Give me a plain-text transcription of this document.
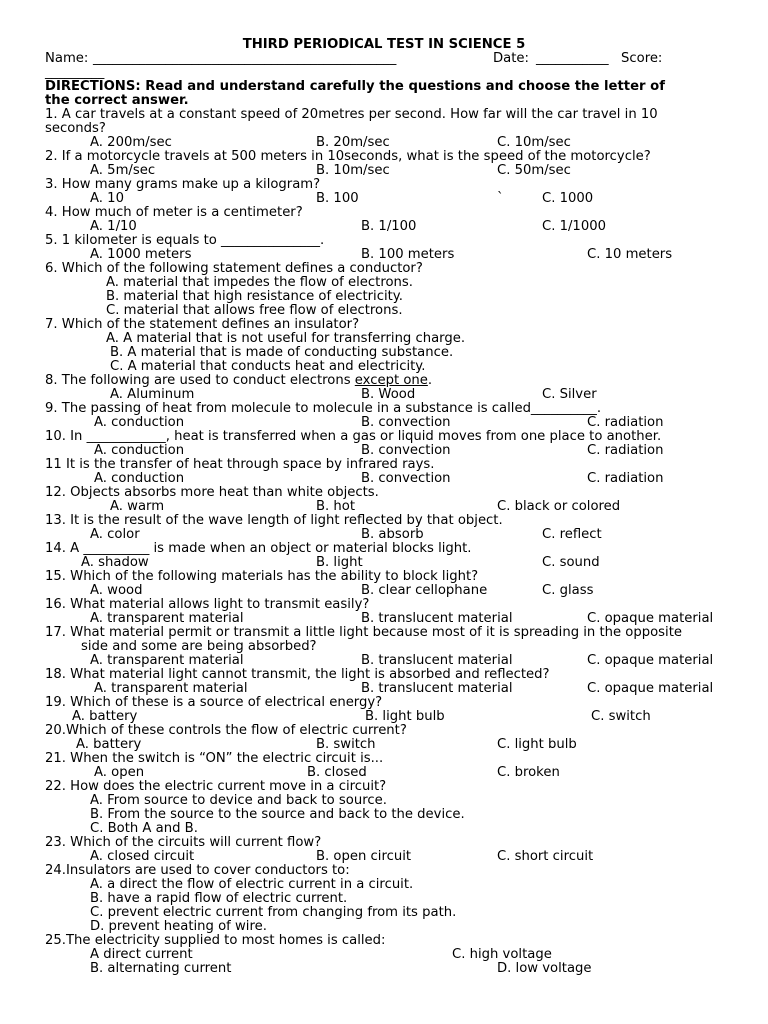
THIRD PERIODICAL TEST IN SCIENCE 5
Name: ______________________________________________	Date: ___________ Score:
_________
DIRECTIONS: Read and understand carefully the questions and choose the letter of
the correct answer.
1. A car travels at a constant speed of 20metres per second. How far will the car travel in 10
seconds?
A. 200m/sec	B. 20m/sec	C. 10m/sec
2. If a motorcycle travels at 500 meters in 10seconds, what is the speed of the motorcycle?
A. 5m/sec	B. 10m/sec	C. 50m/sec
3. How many grams make up a kilogram?
A. 10	B. 100	`	C. 1000
4. How much of meter is a centimeter?
A. 1/10	B. 1/100	C. 1/1000
5. 1 kilometer is equals to _______________.
A. 1000 meters	B. 100 meters	C. 10 meters
6. Which of the following statement defines a conductor?
A. material that impedes the flow of electrons.
B. material that high resistance of electricity.
C. material that allows free flow of electrons.
7. Which of the statement defines an insulator?
A. A material that is not useful for transferring charge.
B. A material that is made of conducting substance.
C. A material that conducts heat and electricity.
8. The following are used to conduct electrons except one.
A. Aluminum	B. Wood	C. Silver
9. The passing of heat from molecule to molecule in a substance is called__________.
A. conduction	B. convection	C. radiation
10. In ____________, heat is transferred when a gas or liquid moves from one place to another.
A. conduction	B. convection	C. radiation
11 It is the transfer of heat through space by infrared rays.
A. conduction	B. convection	C. radiation
12. Objects absorbs more heat than white objects.
A. warm	B. hot	C. black or colored
13. It is the result of the wave length of light reflected by that object.
A. color	B. absorb	C. reflect
14. A __________ is made when an object or material blocks light.
A. shadow	B. light	C. sound
15. Which of the following materials has the ability to block light?
A. wood	B. clear cellophane	C. glass
16. What material allows light to transmit easily?
A. transparent material	B. translucent material	C. opaque material
17. What material permit or transmit a little light because most of it is spreading in the opposite
side and some are being absorbed?
A. transparent material	B. translucent material	C. opaque material
18. What material light cannot transmit, the light is absorbed and reflected?
A. transparent material	B. translucent material	C. opaque material
19. Which of these is a source of electrical energy?
A. battery	B. light bulb	C. switch
20.Which of these controls the flow of electric current?
A. battery	B. switch	C. light bulb
21. When the switch is “ON” the electric circuit is...
A. open	B. closed	C. broken
22. How does the electric current move in a circuit?
A. From source to device and back to source.
B. From the source to the source and back to the device.
C. Both A and B.
23. Which of the circuits will current flow?
A. closed circuit	B. open circuit	C. short circuit
24.Insulators are used to cover conductors to:
A. a direct the flow of electric current in a circuit.
B. have a rapid flow of electric current.
C. prevent electric current from changing from its path.
D. prevent heating of wire.
25.The electricity supplied to most homes is called:
A direct current	C. high voltage
B. alternating current	D. low voltage
